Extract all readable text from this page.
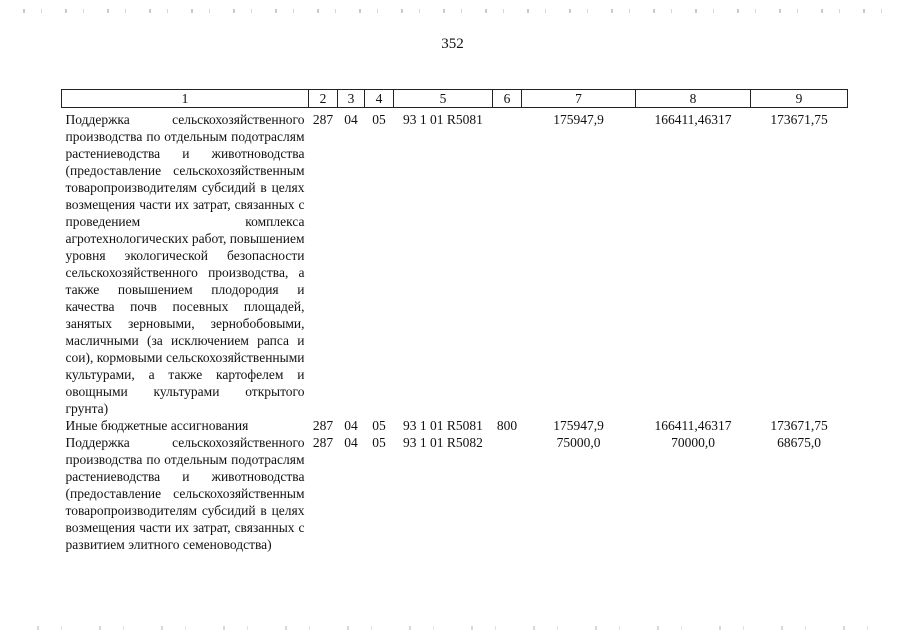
352
1	2	3	4	5	6	7	8	9
Поддержка сельскохозяйственного производства по отдельным подотраслям растениеводства и животноводства (предоставление сельскохозяйственным товаропроизводителям субсидий в целях возмещения части их затрат, связанных с проведением комплекса агротехнологических работ, повышением уровня экологической безопасности сельскохозяйственного производства, а также повышением плодородия и качества почв посевных площадей, занятых зерновыми, зернобобовыми, масличными (за исключением рапса и сои), кормовыми сельскохозяйственными культурами, а также картофелем и овощными культурами открытого грунта)	287	04	05	93 1 01 R5081		175947,9	166411,46317	173671,75
Иные бюджетные ассигнования	287	04	05	93 1 01 R5081	800	175947,9	166411,46317	173671,75
Поддержка сельскохозяйственного производства по отдельным подотраслям растениеводства и животноводства (предоставление сельскохозяйственным товаропроизводителям субсидий в целях возмещения части их затрат, связанных с развитием элитного семеноводства)	287	04	05	93 1 01 R5082		75000,0	70000,0	68675,0
